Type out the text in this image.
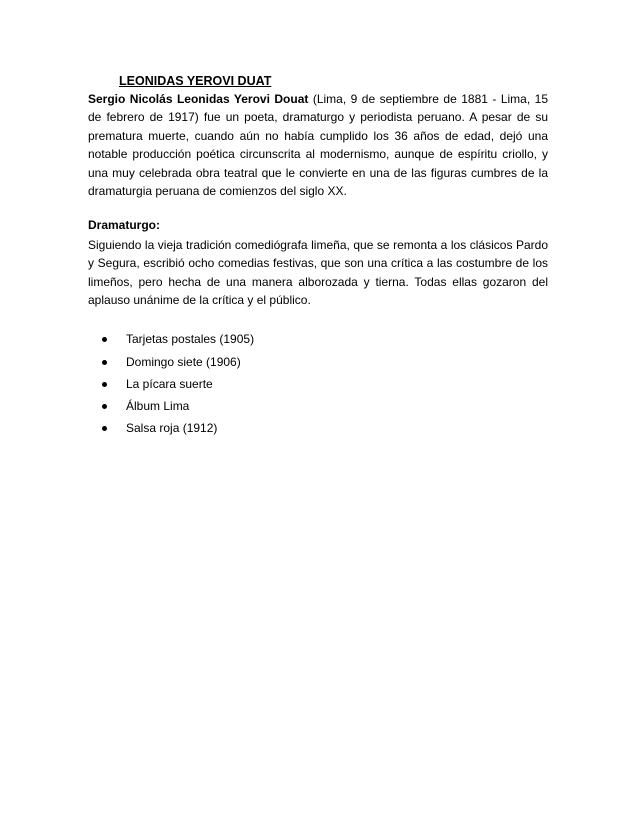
LEONIDAS YEROVI DUAT

Sergio Nicolás Leonidas Yerovi Douat (Lima, 9 de septiembre de 1881 - Lima, 15 de febrero de 1917) fue un poeta, dramaturgo y periodista peruano. A pesar de su prematura muerte, cuando aún no había cumplido los 36 años de edad, dejó una notable producción poética circunscrita al modernismo, aunque de espíritu criollo, y una muy celebrada obra teatral que le convierte en una de las figuras cumbres de la dramaturgia peruana de comienzos del siglo XX.

Dramaturgo:

Siguiendo la vieja tradición comediógrafa limeña, que se remonta a los clásicos Pardo y Segura, escribió ocho comedias festivas, que son una crítica a las costumbre de los limeños, pero hecha de una manera alborozada y tierna. Todas ellas gozaron del aplauso unánime de la crítica y el público.

Tarjetas postales (1905)
Domingo siete (1906)
La pícara suerte
Álbum Lima
Salsa roja (1912)
